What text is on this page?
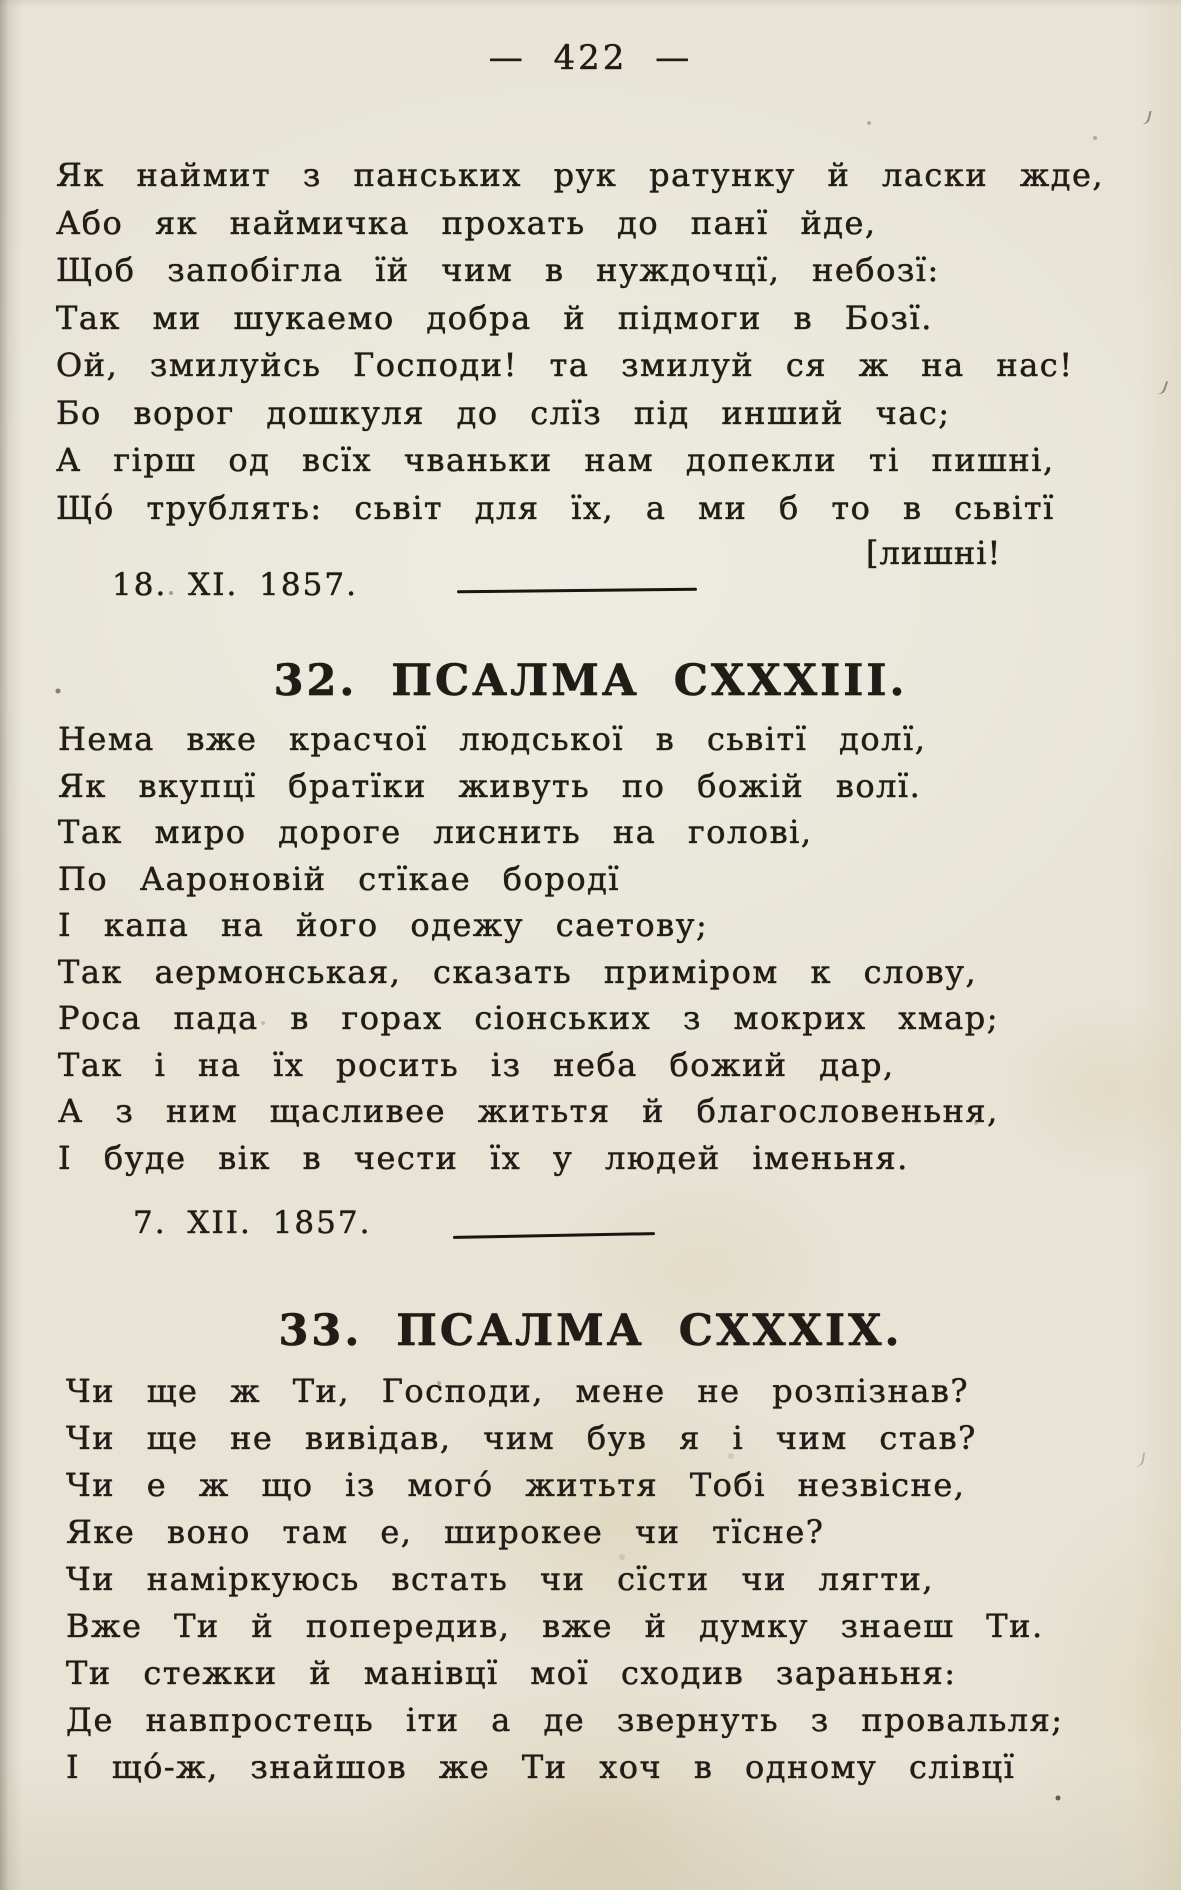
— 422 —
Як наймит з панських рук ратунку й ласки жде,
Або як наймичка прохать до панї йде,
Щоб запобігла їй чим в нуждочцї, небозї:
Так ми шукаемо добра й підмоги в Бозї.
Ой, змилуйсь Господи! та змилуй ся ж на нас!
Бо ворог дошкуля до слїз під инший час;
А гірш од всїх чваньки нам допекли ті пишні,
Щó трублять: сьвіт для їх, а ми б то в сьвітї
[лишні!
18. XI. 1857.
32. ПСАЛМА CXXXIII.
Нема вже красчої людської в сьвітї долї,
Як вкупцї братїки живуть по божій волї.
Так миро дороге лиснить на голові,
По Аароновій стїкае бородї
І капа на його одежу саетову;
Так аермонськая, сказать приміром к слову,
Роса пада в горах сіонських з мокрих хмар;
Так і на їх росить із неба божий дар,
А з ним щасливее житьтя й благословеньня,
І буде вік в чести їх у людей іменьня.
7. XII. 1857.
33. ПСАЛМА CXXXIX.
Чи ще ж Ти, Господи, мене не розпізнав?
Чи ще не вивідав, чим був я і чим став?
Чи е ж що із могó житьтя Тобі незвісне,
Яке воно там е, широкее чи тїсне?
Чи наміркуюсь встать чи сїсти чи лягти,
Вже Ти й попередив, вже й думку знаеш Ти.
Ти стежки й манівцї мої сходив зараньня:
Де навпростець іти а де звернуть з провальля;
І щó-ж, знайшов же Ти хоч в одному слівцї
